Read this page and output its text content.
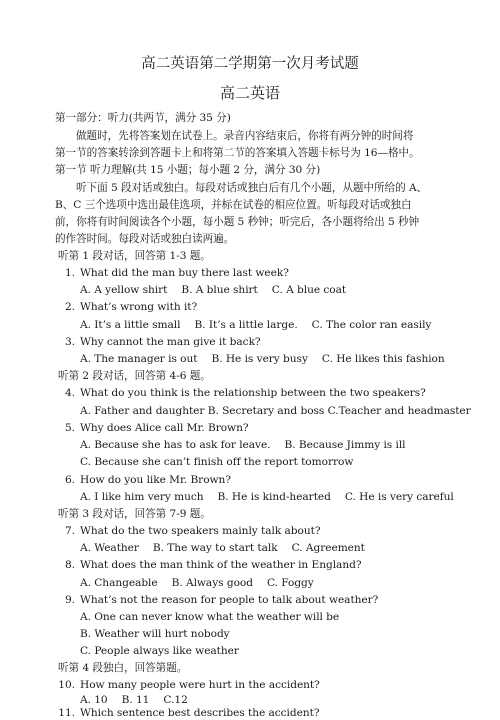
高二英语第二学期第一次月考试题
高二英语
第一部分：听力(共两节，满分 35 分)
做题时，先将答案划在试卷上。录音内容结束后，你将有两分钟的时间将
第一节的答案转涂到答题卡上和将第二节的答案填入答题卡标号为 16—格中。
第一节 听力理解(共 15 小题；每小题 2 分，满分 30 分)
听下面 5 段对话或独白。每段对话或独白后有几个小题，从题中所给的 A、
B、C 三个选项中选出最佳选项，并标在试卷的相应位置。听每段对话或独白
前，你将有时间阅读各个小题，每小题 5 秒钟；听完后，各小题将给出 5 秒钟
的作答时间。每段对话或独白读两遍。
听第 1 段对话，回答第 1-3 题。
1. What did the man buy there last week?
A. A yellow shirt B. A blue shirt C. A blue coat
2. What’s wrong with it?
A. It’s a little small B. It’s a little large. C. The color ran easily
3. Why cannot the man give it back?
A. The manager is out B. He is very busy C. He likes this fashion
听第 2 段对话，回答第 4-6 题。
4. What do you think is the relationship between the two speakers?
A. Father and daughter B. Secretary and boss C.Teacher and headmaster
5. Why does Alice call Mr. Brown?
A. Because she has to ask for leave. B. Because Jimmy is ill
C. Because she can’t finish off the report tomorrow
6. How do you like Mr. Brown?
A. I like him very much B. He is kind-hearted C. He is very careful
听第 3 段对话，回答第 7-9 题。
7. What do the two speakers mainly talk about?
A. Weather B. The way to start talk C. Agreement
8. What does the man think of the weather in England?
A. Changeable B. Always good C. Foggy
9. What’s not the reason for people to talk about weather?
A. One can never know what the weather will be
B. Weather will hurt nobody
C. People always like weather
听第 4 段独白，回答第题。
10. How many people were hurt in the accident?
A. 10 B. 11 C.12
11. Which sentence best describes the accident?
